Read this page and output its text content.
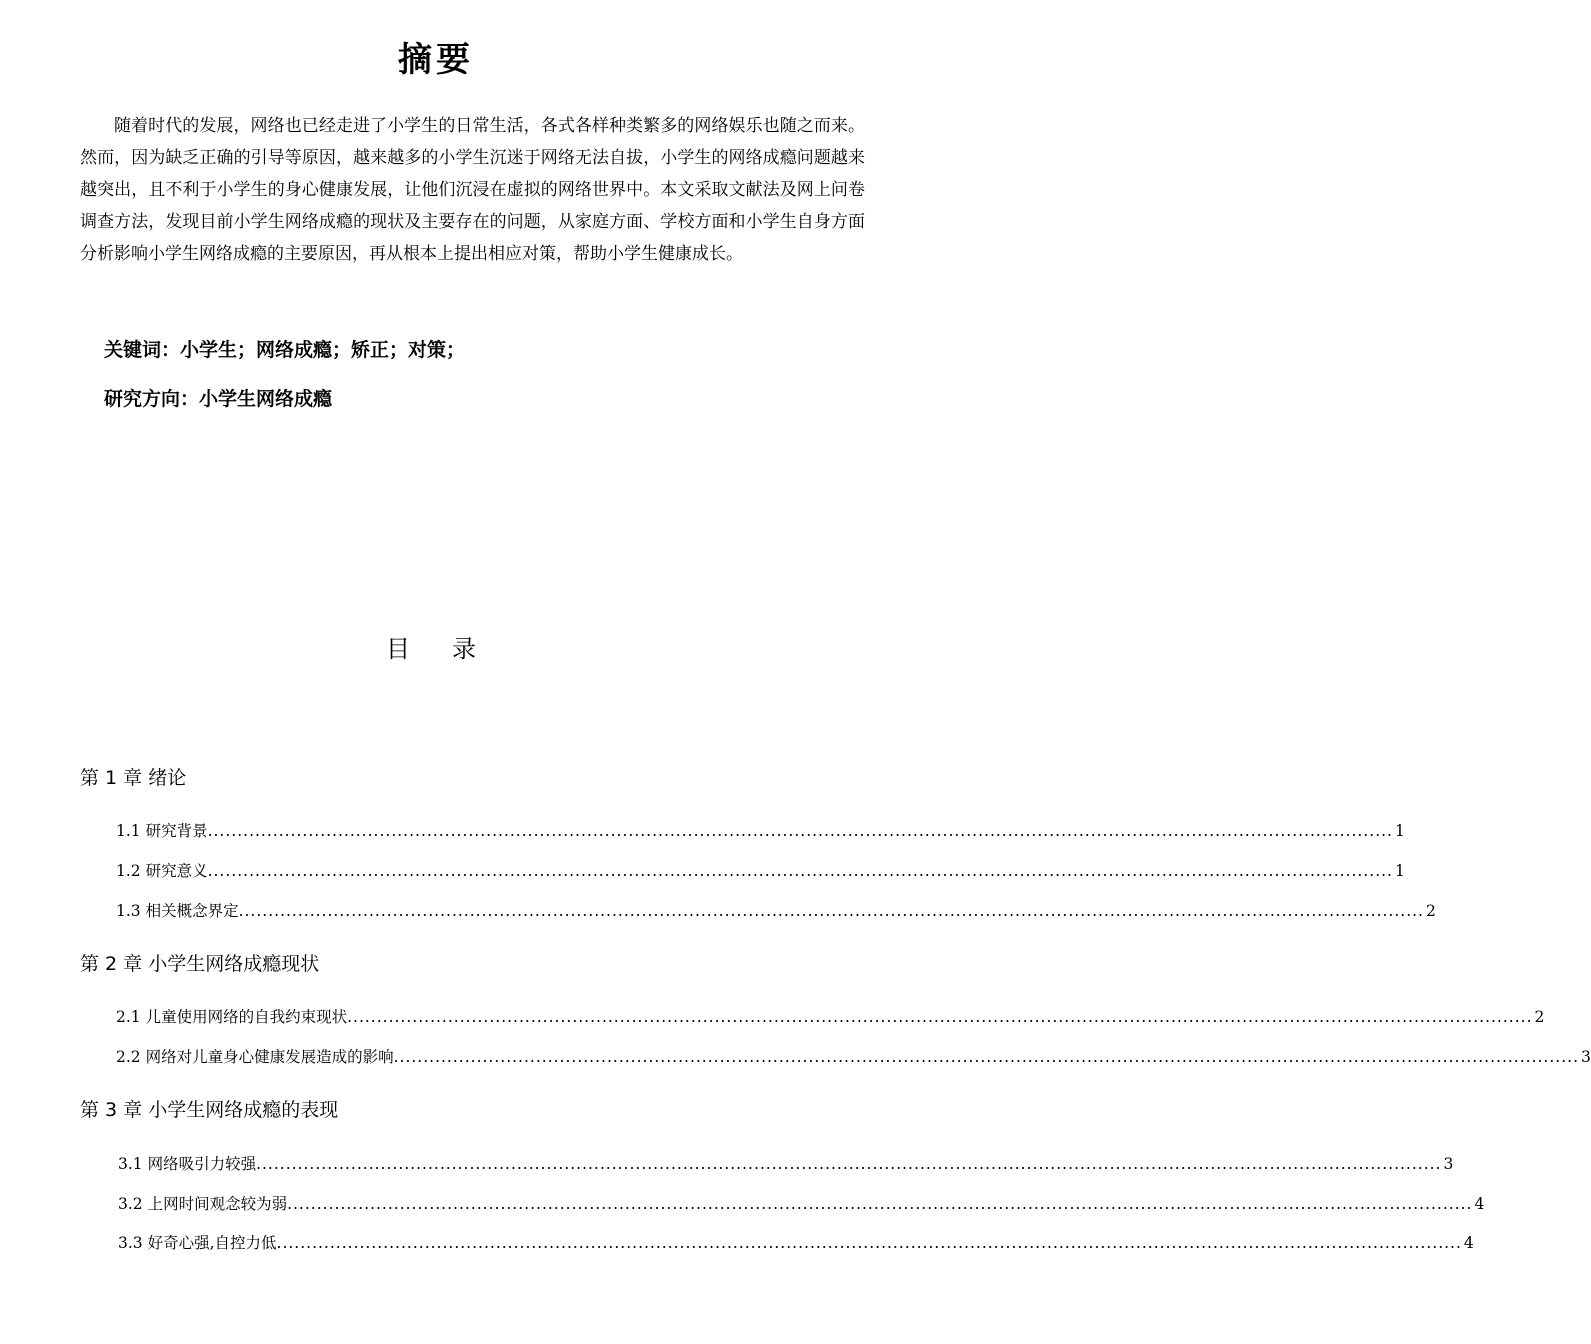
摘要

随着时代的发展，网络也已经走进了小学生的日常生活，各式各样种类繁多的网络娱乐也随之而来。然而，因为缺乏正确的引导等原因，越来越多的小学生沉迷于网络无法自拔，小学生的网络成瘾问题越来越突出，且不利于小学生的身心健康发展，让他们沉浸在虚拟的网络世界中。本文采取文献法及网上问卷调查方法，发现目前小学生网络成瘾的现状及主要存在的问题，从家庭方面、学校方面和小学生自身方面分析影响小学生网络成瘾的主要原因，再从根本上提出相应对策，帮助小学生健康成长。

关键词：小学生；网络成瘾；矫正；对策；
研究方向：小学生网络成瘾
目 录
第 1 章 绪论
1.1 研究背景 ........................................................................................................................................................................................................ 1
1.2 研究意义 ........................................................................................................................................................................................................ 1
1.3 相关概念界定 ........................................................................................................................................................................................................ 2
第 2 章 小学生网络成瘾现状
2.1 儿童使用网络的自我约束现状 ........................................................................................................................................................................................................ 2
2.2 网络对儿童身心健康发展造成的影响 ........................................................................................................................................................................................................ 3
第 3 章 小学生网络成瘾的表现
3.1 网络吸引力较强 ........................................................................................................................................................................................................ 3
3.2 上网时间观念较为弱 ........................................................................................................................................................................................................ 4
3.3 好奇心强,自控力低 ........................................................................................................................................................................................................ 4
